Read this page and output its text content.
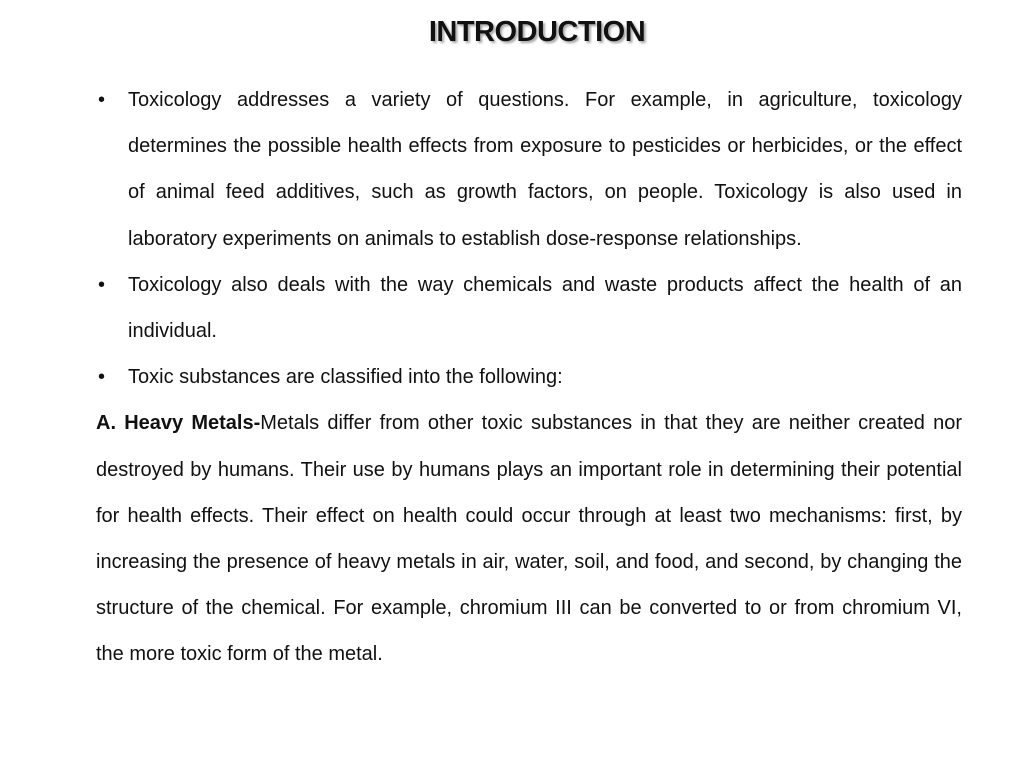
INTRODUCTION
• Toxicology addresses a variety of questions. For example, in agriculture, toxicology determines the possible health effects from exposure to pesticides or herbicides, or the effect of animal feed additives, such as growth factors, on people. Toxicology is also used in laboratory experiments on animals to establish dose-response relationships.
• Toxicology also deals with the way chemicals and waste products affect the health of an individual.
• Toxic substances are classified into the following:

A. Heavy Metals-Metals differ from other toxic substances in that they are neither created nor destroyed by humans. Their use by humans plays an important role in determining their potential for health effects. Their effect on health could occur through at least two mechanisms: first, by increasing the presence of heavy metals in air, water, soil, and food, and second, by changing the structure of the chemical. For example, chromium III can be converted to or from chromium VI, the more toxic form of the metal.
